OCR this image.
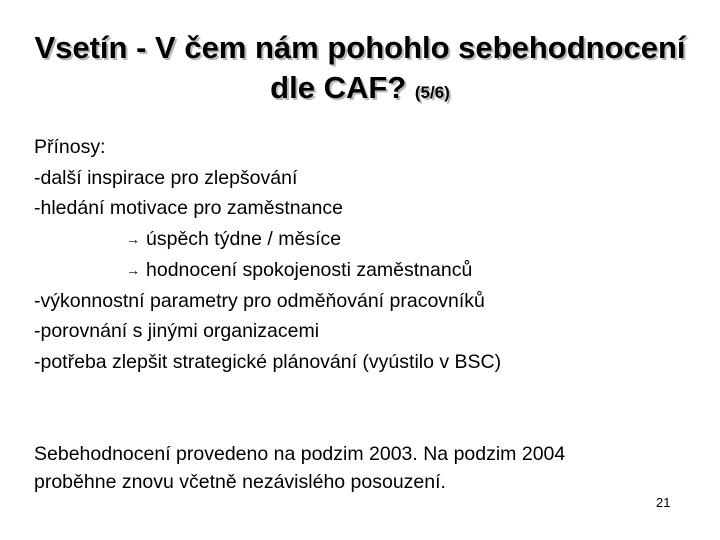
Vsetín - V čem nám pohohlo sebehodnocení
dle CAF? (5/6)
Přínosy:
-další inspirace pro zlepšování
-hledání motivace pro zaměstnance
→ úspěch týdne / měsíce
→ hodnocení spokojenosti zaměstnanců
-výkonnostní parametry pro odměňování pracovníků
-porovnání s jinými organizacemi
-potřeba zlepšit strategické plánování (vyústilo v BSC)
Sebehodnocení provedeno na podzim 2003. Na podzim 2004
proběhne znovu včetně nezávislého posouzení.
21
